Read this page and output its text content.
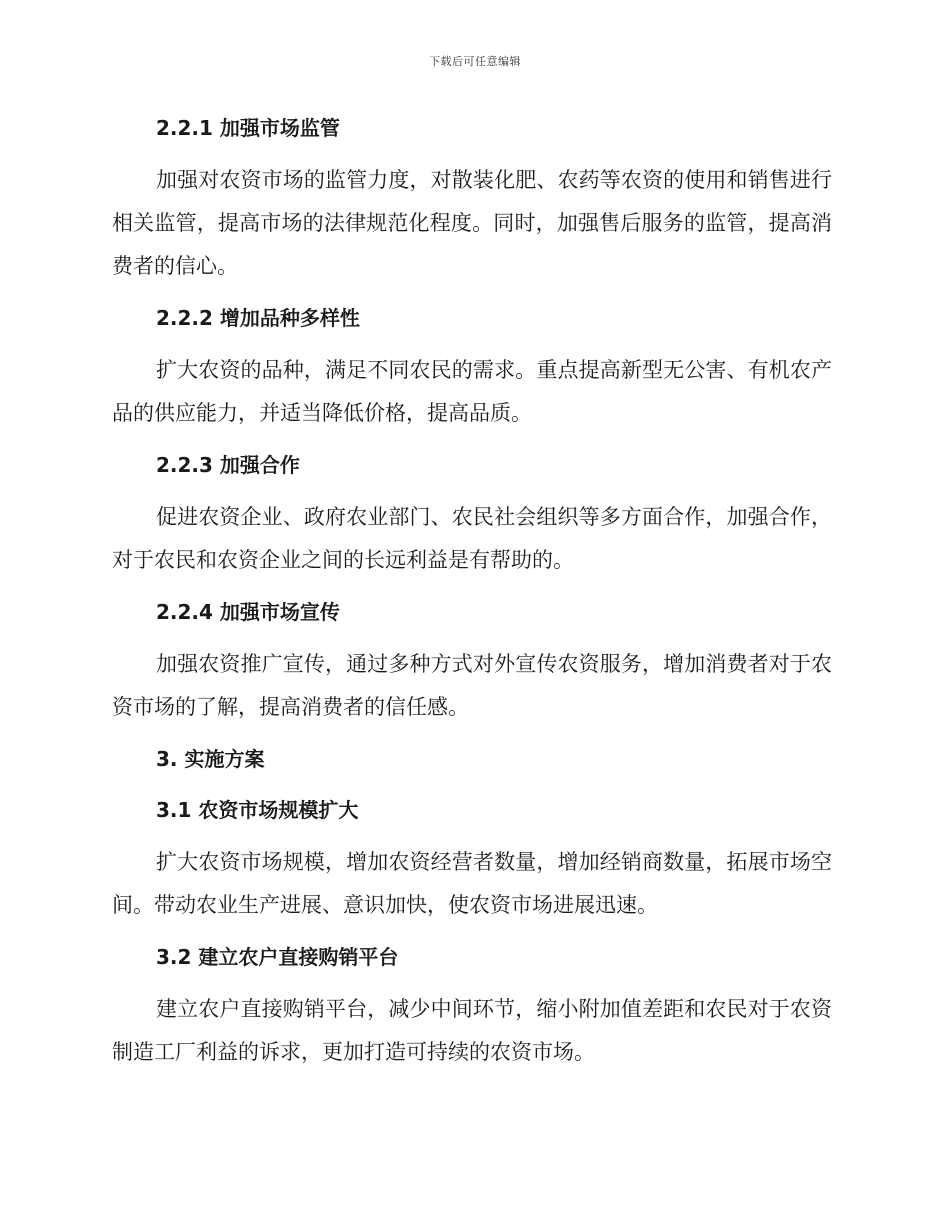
下载后可任意编辑
2.2.1 加强市场监管

加强对农资市场的监管力度，对散装化肥、农药等农资的使用和销售进行相关监管，提高市场的法律规范化程度。同时，加强售后服务的监管，提高消费者的信心。

2.2.2 增加品种多样性

扩大农资的品种，满足不同农民的需求。重点提高新型无公害、有机农产品的供应能力，并适当降低价格，提高品质。

2.2.3 加强合作

促进农资企业、政府农业部门、农民社会组织等多方面合作，加强合作，对于农民和农资企业之间的长远利益是有帮助的。

2.2.4 加强市场宣传

加强农资推广宣传，通过多种方式对外宣传农资服务，增加消费者对于农资市场的了解，提高消费者的信任感。

3. 实施方案
3.1 农资市场规模扩大

扩大农资市场规模，增加农资经营者数量，增加经销商数量，拓展市场空间。带动农业生产进展、意识加快，使农资市场进展迅速。

3.2 建立农户直接购销平台

建立农户直接购销平台，减少中间环节，缩小附加值差距和农民对于农资制造工厂利益的诉求，更加打造可持续的农资市场。
